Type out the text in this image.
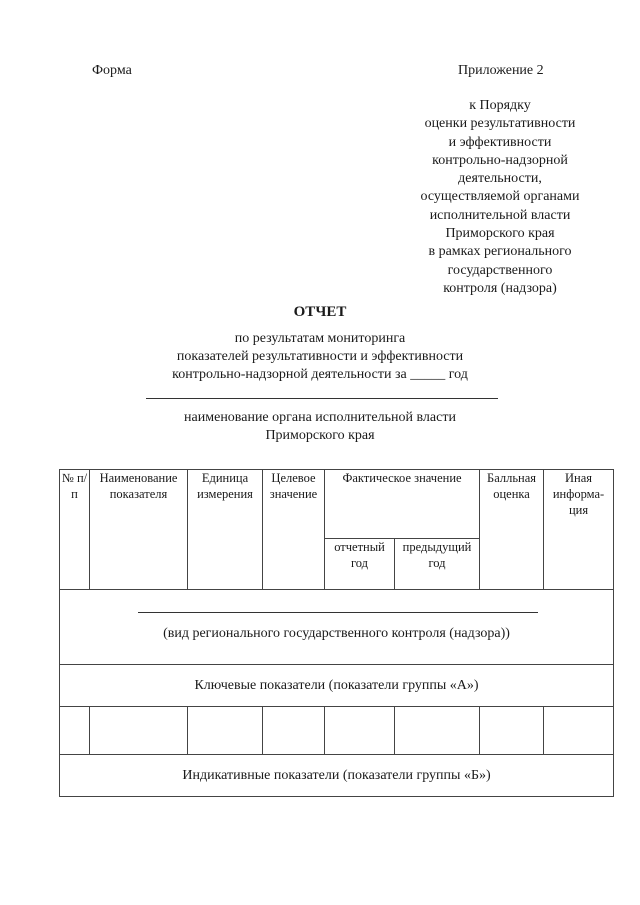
Форма	Приложение 2
к Порядку
оценки результативности
и эффективности
контрольно-надзорной
деятельности,
осуществляемой органами
исполнительной власти
Приморского края
в рамках регионального
государственного
контроля (надзора)
ОТЧЕТ
по результатам мониторинга
показателей результативности и эффективности
контрольно-надзорной деятельности за _____ год
наименование органа исполнительной власти
Приморского края
№ п/п	Наименование показателя	Единица измерения	Целевое значение	Фактическое значение		Балльная оценка	Иная информа-ция
				отчетный год	предыдущий год		

(вид регионального государственного контроля (надзора))							

Ключевые показатели (показатели группы «А»)							

Индикативные показатели (показатели группы «Б»)							
